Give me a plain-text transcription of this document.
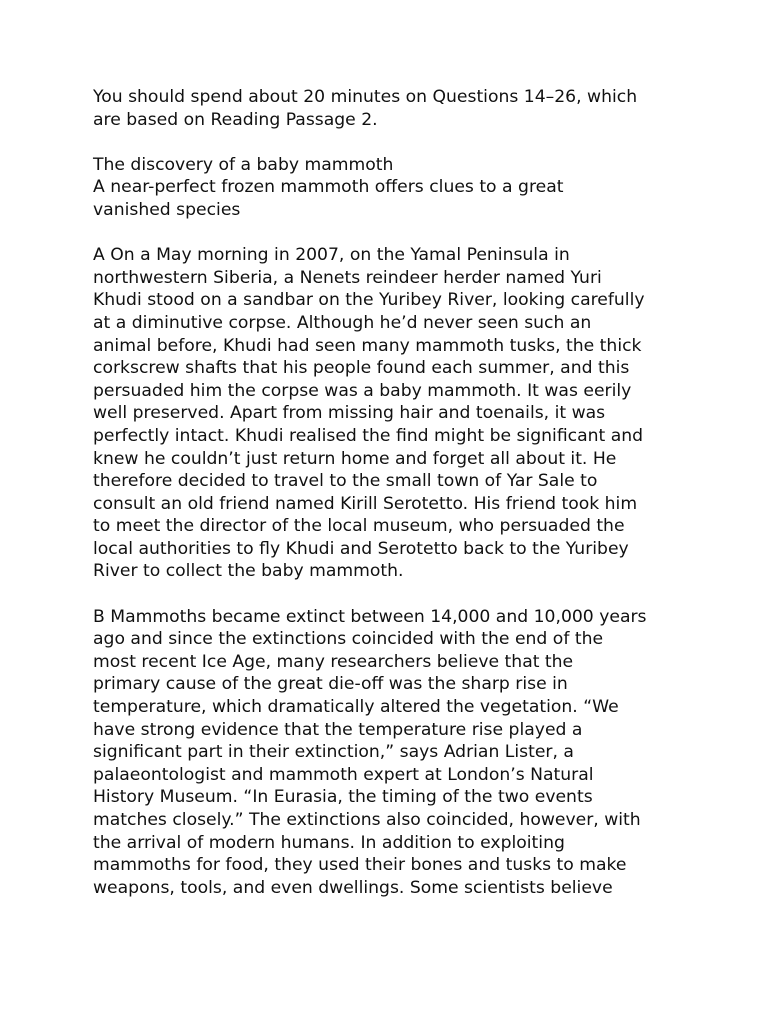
You should spend about 20 minutes on Questions 14–26, which
are based on Reading Passage 2.
The discovery of a baby mammoth
A near-perfect frozen mammoth offers clues to a great
vanished species
A On a May morning in 2007, on the Yamal Peninsula in
northwestern Siberia, a Nenets reindeer herder named Yuri
Khudi stood on a sandbar on the Yuribey River, looking carefully
at a diminutive corpse. Although he’d never seen such an
animal before, Khudi had seen many mammoth tusks, the thick
corkscrew shafts that his people found each summer, and this
persuaded him the corpse was a baby mammoth. It was eerily
well preserved. Apart from missing hair and toenails, it was
perfectly intact. Khudi realised the find might be significant and
knew he couldn’t just return home and forget all about it. He
therefore decided to travel to the small town of Yar Sale to
consult an old friend named Kirill Serotetto. His friend took him
to meet the director of the local museum, who persuaded the
local authorities to fly Khudi and Serotetto back to the Yuribey
River to collect the baby mammoth.
B Mammoths became extinct between 14,000 and 10,000 years
ago and since the extinctions coincided with the end of the
most recent Ice Age, many researchers believe that the
primary cause of the great die-off was the sharp rise in
temperature, which dramatically altered the vegetation. “We
have strong evidence that the temperature rise played a
significant part in their extinction,” says Adrian Lister, a
palaeontologist and mammoth expert at London’s Natural
History Museum. “In Eurasia, the timing of the two events
matches closely.” The extinctions also coincided, however, with
the arrival of modern humans. In addition to exploiting
mammoths for food, they used their bones and tusks to make
weapons, tools, and even dwellings. Some scientists believe
